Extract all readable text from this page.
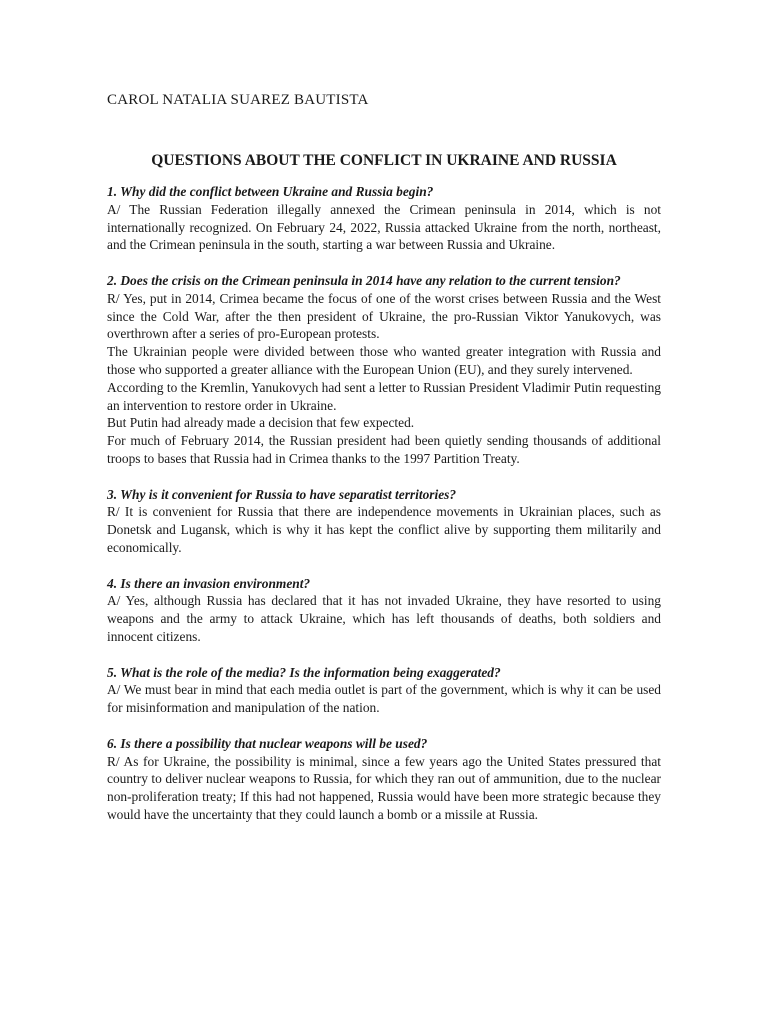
CAROL NATALIA SUAREZ BAUTISTA
QUESTIONS ABOUT THE CONFLICT IN UKRAINE AND RUSSIA

1. Why did the conflict between Ukraine and Russia begin?

A/ The Russian Federation illegally annexed the Crimean peninsula in 2014, which is not internationally recognized. On February 24, 2022, Russia attacked Ukraine from the north, northeast, and the Crimean peninsula in the south, starting a war between Russia and Ukraine.

2. Does the crisis on the Crimean peninsula in 2014 have any relation to the current tension?

R/ Yes, put in 2014, Crimea became the focus of one of the worst crises between Russia and the West since the Cold War, after the then president of Ukraine, the pro-Russian Viktor Yanukovych, was overthrown after a series of pro-European protests.

The Ukrainian people were divided between those who wanted greater integration with Russia and those who supported a greater alliance with the European Union (EU), and they surely intervened.

According to the Kremlin, Yanukovych had sent a letter to Russian President Vladimir Putin requesting an intervention to restore order in Ukraine.

But Putin had already made a decision that few expected.

For much of February 2014, the Russian president had been quietly sending thousands of additional troops to bases that Russia had in Crimea thanks to the 1997 Partition Treaty.

3. Why is it convenient for Russia to have separatist territories?

R/ It is convenient for Russia that there are independence movements in Ukrainian places, such as Donetsk and Lugansk, which is why it has kept the conflict alive by supporting them militarily and economically.

4. Is there an invasion environment?

A/ Yes, although Russia has declared that it has not invaded Ukraine, they have resorted to using weapons and the army to attack Ukraine, which has left thousands of deaths, both soldiers and innocent citizens.

5. What is the role of the media? Is the information being exaggerated?

A/ We must bear in mind that each media outlet is part of the government, which is why it can be used for misinformation and manipulation of the nation.

6. Is there a possibility that nuclear weapons will be used?

R/ As for Ukraine, the possibility is minimal, since a few years ago the United States pressured that country to deliver nuclear weapons to Russia, for which they ran out of ammunition, due to the nuclear non-proliferation treaty; If this had not happened, Russia would have been more strategic because they would have the uncertainty that they could launch a bomb or a missile at Russia.
